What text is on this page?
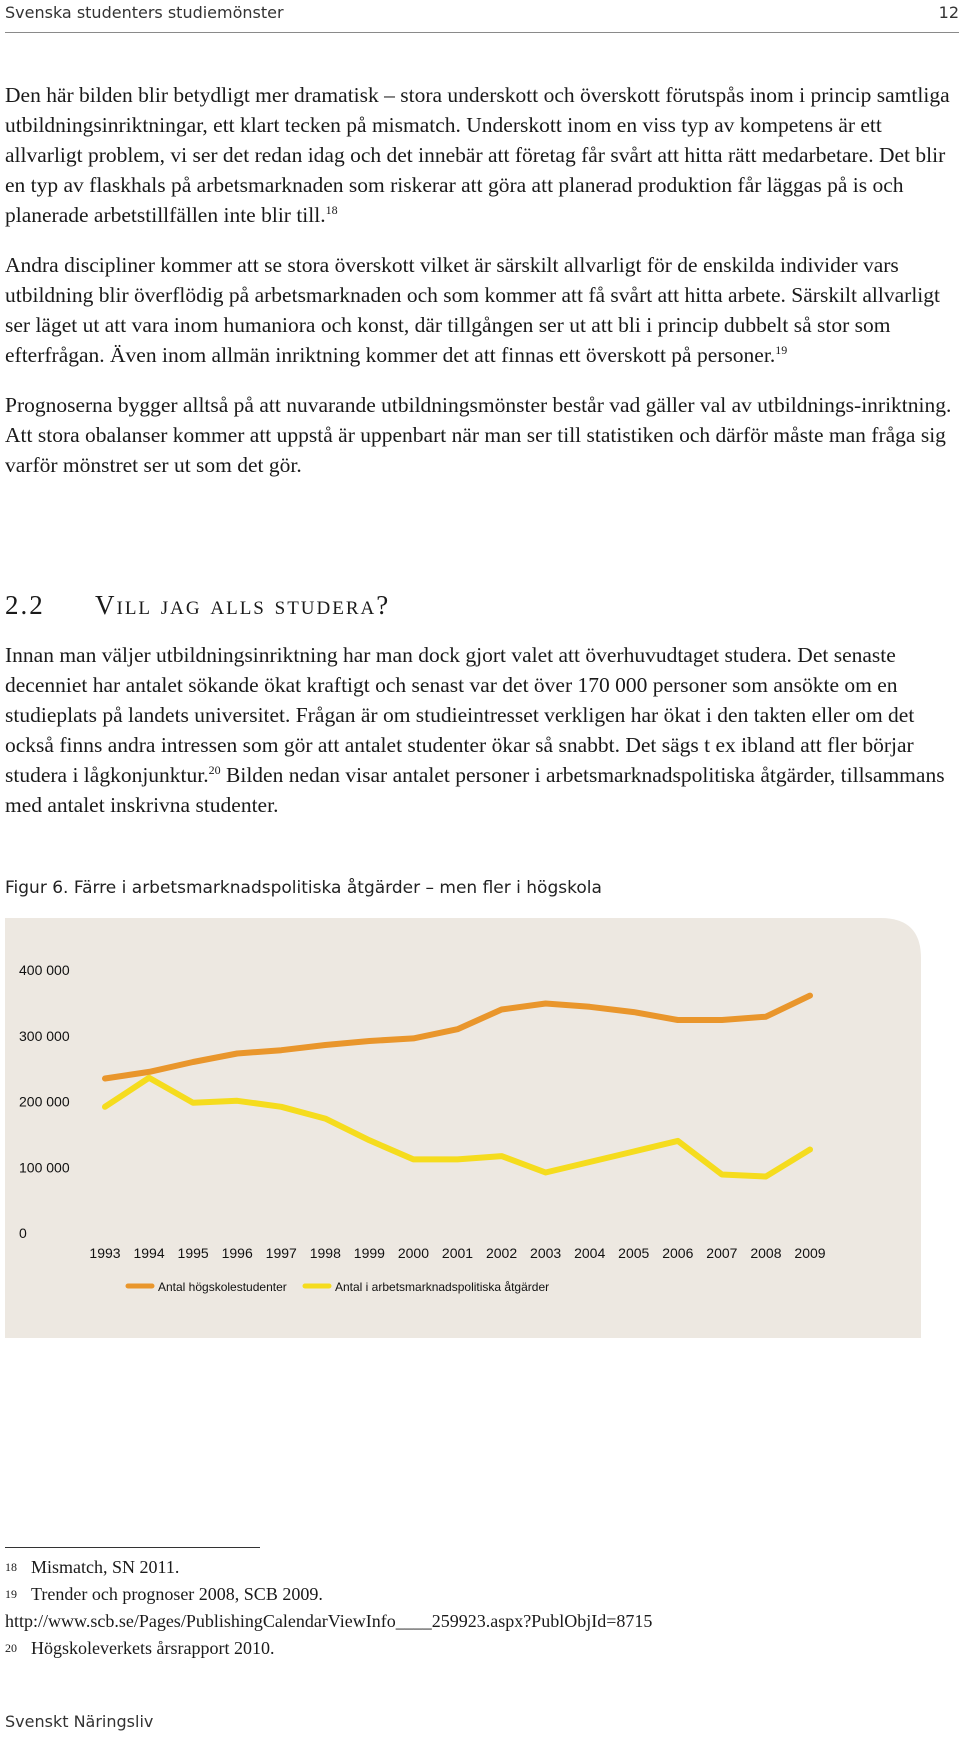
Svenska studenters studiemönster	12

Den här bilden blir betydligt mer dramatisk – stora underskott och överskott förutspås inom i princip samtliga utbildningsinriktningar, ett klart tecken på mismatch. Underskott inom en viss typ av kompetens är ett allvarligt problem, vi ser det redan idag och det innebär att företag får svårt att hitta rätt medarbetare. Det blir en typ av flaskhals på arbetsmarknaden som riskerar att göra att planerad produktion får läggas på is och planerade arbetstillfällen inte blir till.$^{18}$

Andra discipliner kommer att se stora överskott vilket är särskilt allvarligt för de enskilda individer vars utbildning blir överflödig på arbetsmarknaden och som kommer att få svårt att hitta arbete. Särskilt allvarligt ser läget ut att vara inom humaniora och konst, där tillgången ser ut att bli i princip dubbelt så stor som efterfrågan. Även inom allmän inriktning kommer det att finnas ett överskott på personer.$^{19}$

Prognoserna bygger alltså på att nuvarande utbildningsmönster består vad gäller val av utbildnings-inriktning. Att stora obalanser kommer att uppstå är uppenbart när man ser till statistiken och därför måste man fråga sig varför mönstret ser ut som det gör.

2.2 Vill jag alls studera?

Innan man väljer utbildningsinriktning har man dock gjort valet att överhuvudtaget studera. Det senaste decenniet har antalet sökande ökat kraftigt och senast var det över 170 000 personer som ansökte om en studieplats på landets universitet. Frågan är om studieintresset verkligen har ökat i den takten eller om det också finns andra intressen som gör att antalet studenter ökar så snabbt. Det sägs t ex ibland att fler börjar studera i lågkonjunktur.$^{20}$ Bilden nedan visar antalet personer i arbetsmarknadspolitiska åtgärder, tillsammans med antalet inskrivna studenter.

Figur 6. Färre i arbetsmarknadspolitiska åtgärder – men fler i högskola
0
100 000
200 000
300 000
400 000
1993 1994 1995 1996 1997 1998 1999 2000 2001 2002 2003 2004 2005 2006 2007 2008 2009
Antal högskolestudenter	Antal i arbetsmarknadspolitiska åtgärder
18 Mismatch, SN 2011.
19 Trender och prognoser 2008, SCB 2009.
http://www.scb.se/Pages/PublishingCalendarViewInfo____259923.aspx?PublObjId=8715
20 Högskoleverkets årsrapport 2010.
Svenskt Näringsliv
